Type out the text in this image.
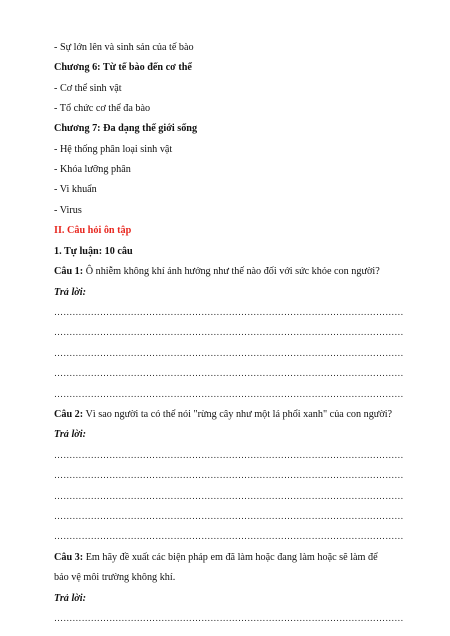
- Sự lớn lên và sinh sản của tế bào
Chương 6: Từ tế bào đến cơ thể
- Cơ thể sinh vật
- Tổ chức cơ thể đa bào
Chương 7: Đa dạng thế giới sống
- Hệ thống phân loại sinh vật
- Khóa lưỡng phân
- Vi khuẩn
- Virus
II. Câu hỏi ôn tập
1. Tự luận: 10 câu
Câu 1: Ô nhiễm không khí ảnh hưởng như thế nào đối với sức khỏe con người?
Trả lời:
……………………………………………………………………………………………………
……………………………………………………………………………………………………
……………………………………………………………………………………………………
……………………………………………………………………………………………………
……………………………………………………………………………………………………
Câu 2: Vì sao người ta có thể nói "rừng cây như một lá phổi xanh" của con người?
Trả lời:
……………………………………………………………………………………………………
……………………………………………………………………………………………………
……………………………………………………………………………………………………
……………………………………………………………………………………………………
……………………………………………………………………………………………………
Câu 3: Em hãy đề xuất các biện pháp em đã làm hoặc đang làm hoặc sẽ làm để
bảo vệ môi trường không khí.
Trả lời:
……………………………………………………………………………………………………
